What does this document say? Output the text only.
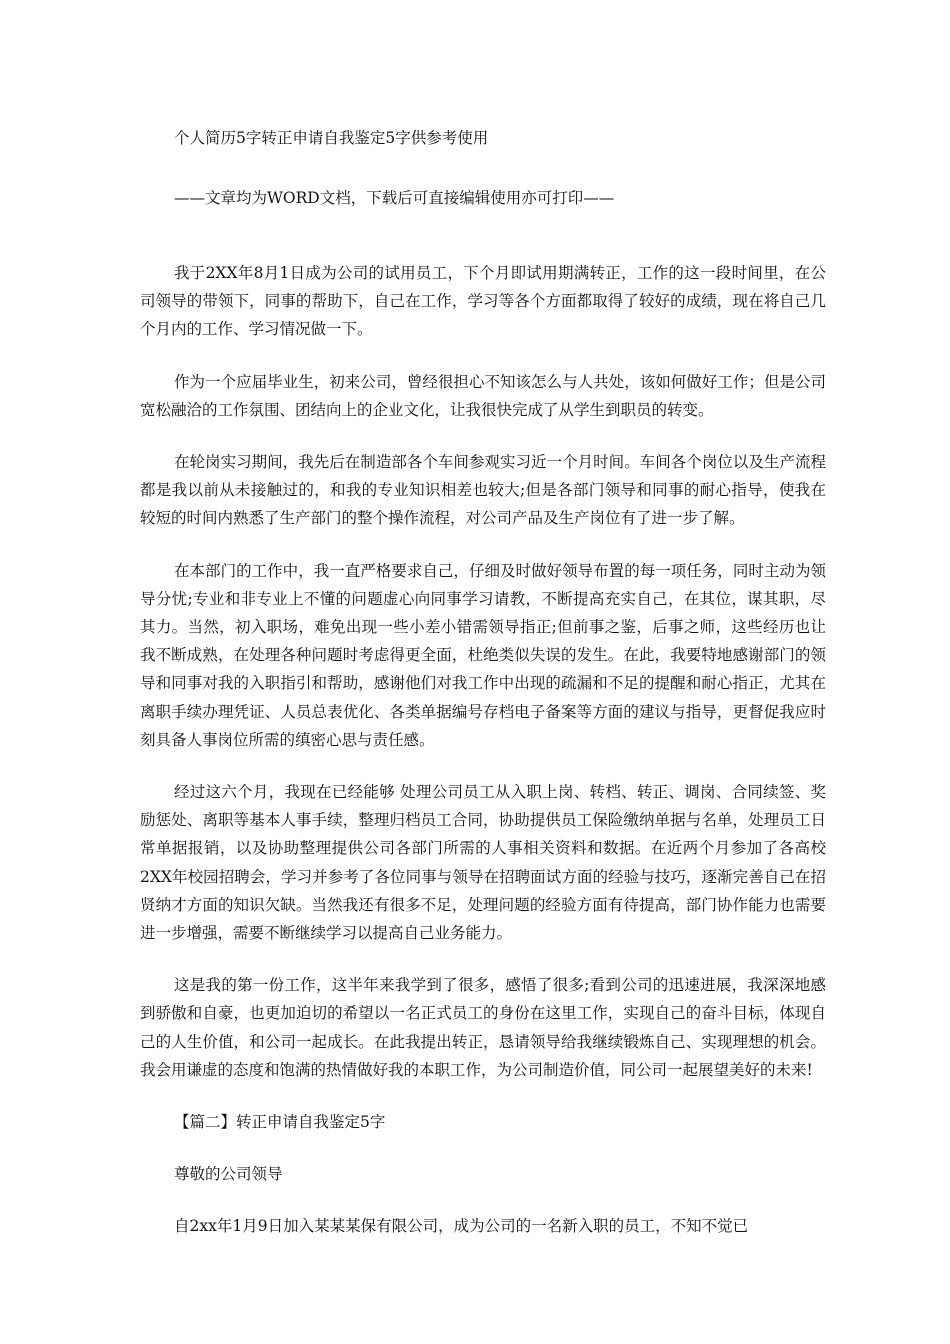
个人简历5字转正申请自我鉴定5字供参考使用

——文章均为WORD文档，下载后可直接编辑使用亦可打印——

我于2XX年8月1日成为公司的试用员工，下个月即试用期满转正，工作的这一段时间里，在公司领导的带领下，同事的帮助下，自己在工作，学习等各个方面都取得了较好的成绩，现在将自己几个月内的工作、学习情况做一下。

作为一个应届毕业生，初来公司，曾经很担心不知该怎么与人共处，该如何做好工作；但是公司宽松融洽的工作氛围、团结向上的企业文化，让我很快完成了从学生到职员的转变。

在轮岗实习期间，我先后在制造部各个车间参观实习近一个月时间。车间各个岗位以及生产流程都是我以前从未接触过的，和我的专业知识相差也较大;但是各部门领导和同事的耐心指导，使我在较短的时间内熟悉了生产部门的整个操作流程，对公司产品及生产岗位有了进一步了解。

在本部门的工作中，我一直严格要求自己，仔细及时做好领导布置的每一项任务，同时主动为领导分忧;专业和非专业上不懂的问题虚心向同事学习请教，不断提高充实自己，在其位，谋其职，尽其力。当然，初入职场，难免出现一些小差小错需领导指正;但前事之鉴，后事之师，这些经历也让我不断成熟，在处理各种问题时考虑得更全面，杜绝类似失误的发生。在此，我要特地感谢部门的领导和同事对我的入职指引和帮助，感谢他们对我工作中出现的疏漏和不足的提醒和耐心指正，尤其在离职手续办理凭证、人员总表优化、各类单据编号存档电子备案等方面的建议与指导，更督促我应时刻具备人事岗位所需的缜密心思与责任感。

经过这六个月，我现在已经能够 处理公司员工从入职上岗、转档、转正、调岗、合同续签、奖励惩处、离职等基本人事手续，整理归档员工合同，协助提供员工保险缴纳单据与名单，处理员工日常单据报销，以及协助整理提供公司各部门所需的人事相关资料和数据。在近两个月参加了各高校2XX年校园招聘会，学习并参考了各位同事与领导在招聘面试方面的经验与技巧，逐渐完善自己在招贤纳才方面的知识欠缺。当然我还有很多不足，处理问题的经验方面有待提高，部门协作能力也需要进一步增强，需要不断继续学习以提高自己业务能力。

这是我的第一份工作，这半年来我学到了很多，感悟了很多;看到公司的迅速进展，我深深地感到骄傲和自豪，也更加迫切的希望以一名正式员工的身份在这里工作，实现自己的奋斗目标，体现自己的人生价值，和公司一起成长。在此我提出转正，恳请领导给我继续锻炼自己、实现理想的机会。我会用谦虚的态度和饱满的热情做好我的本职工作，为公司制造价值，同公司一起展望美好的未来!

【篇二】转正申请自我鉴定5字

尊敬的公司领导

自2xx年1月9日加入某某某保有限公司，成为公司的一名新入职的员工，不知不觉已
